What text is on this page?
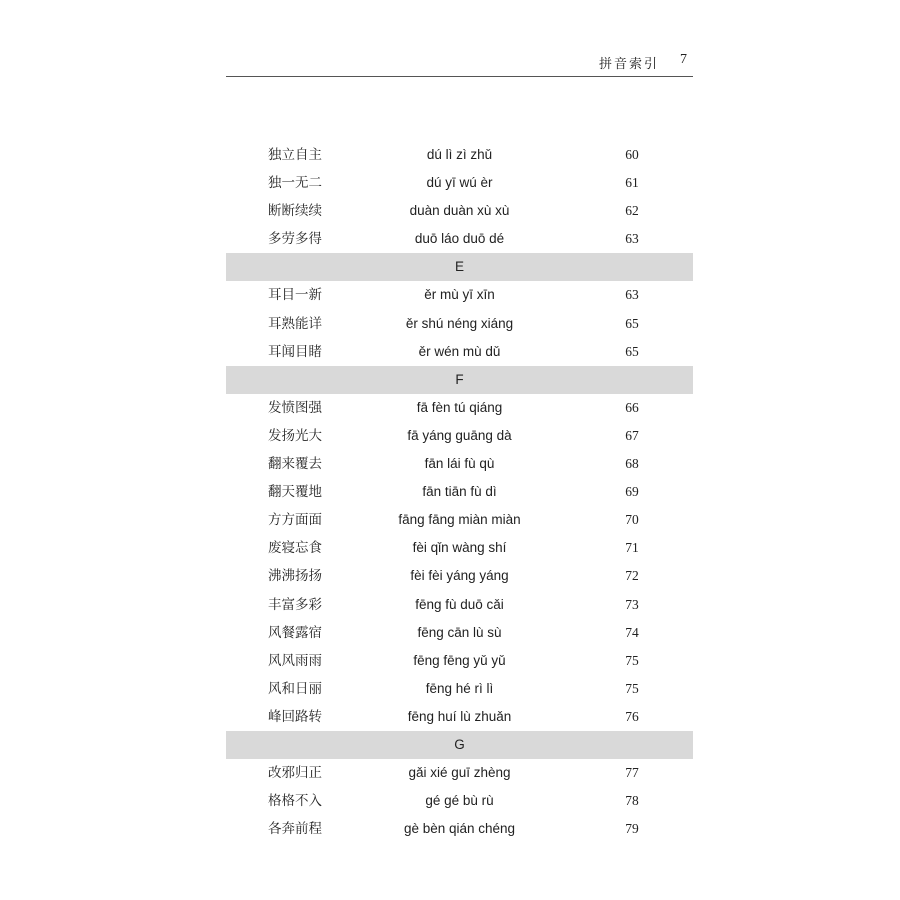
拼音索引 7
独立自主	dú lì zì zhǔ	60
独一无二	dú yī wú èr	61
断断续续	duàn duàn xù xù	62
多劳多得	duō láo duō dé	63
E
耳目一新	ěr mù yī xīn	63
耳熟能详	ěr shú néng xiáng	65
耳闻目睹	ěr wén mù dǔ	65
F
发愤图强	fā fèn tú qiáng	66
发扬光大	fā yáng guāng dà	67
翻来覆去	fān lái fù qù	68
翻天覆地	fān tiān fù dì	69
方方面面	fāng fāng miàn miàn	70
废寝忘食	fèi qǐn wàng shí	71
沸沸扬扬	fèi fèi yáng yáng	72
丰富多彩	fēng fù duō cǎi	73
风餐露宿	fēng cān lù sù	74
风风雨雨	fēng fēng yǔ yǔ	75
风和日丽	fēng hé rì lì	75
峰回路转	fēng huí lù zhuǎn	76
G
改邪归正	gǎi xié guī zhèng	77
格格不入	gé gé bù rù	78
各奔前程	gè bèn qián chéng	79
